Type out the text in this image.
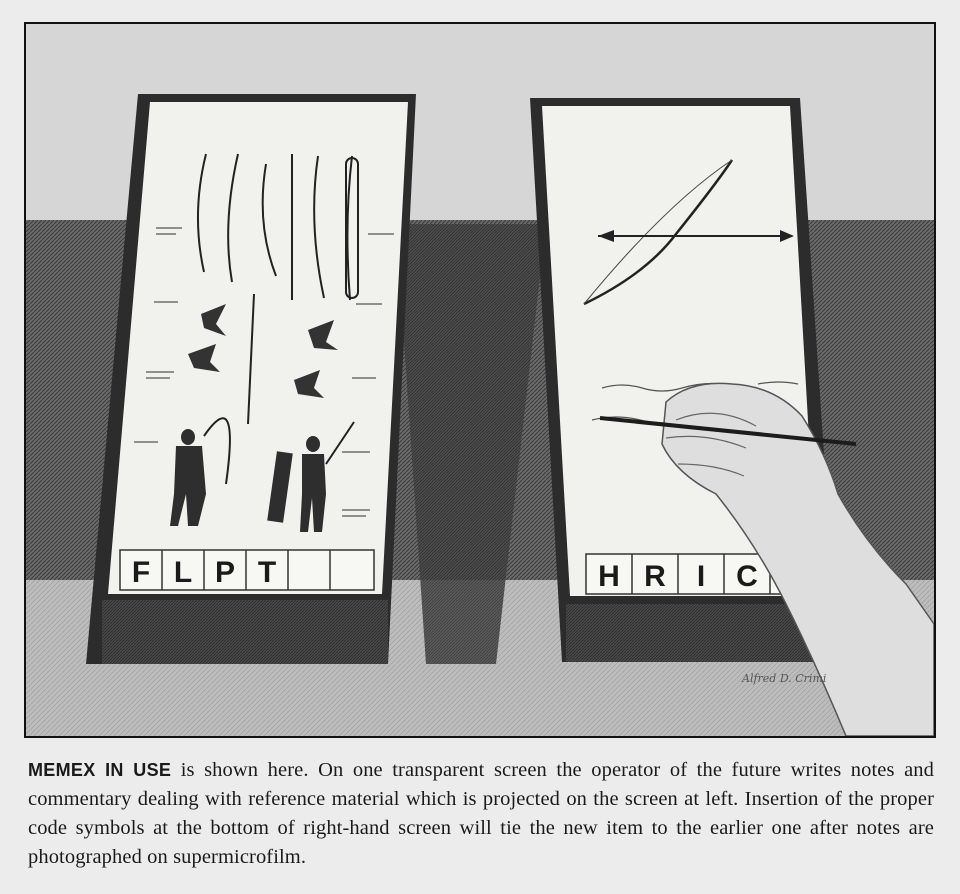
F L P T	H R I C
Alfred D. Crimi
MEMEX IN USE is shown here. On one transparent screen the operator of the future writes notes and commentary dealing with reference material which is projected on the screen at left. Insertion of the proper code symbols at the bottom of right-hand screen will tie the new item to the earlier one after notes are photographed on supermicrofilm.
